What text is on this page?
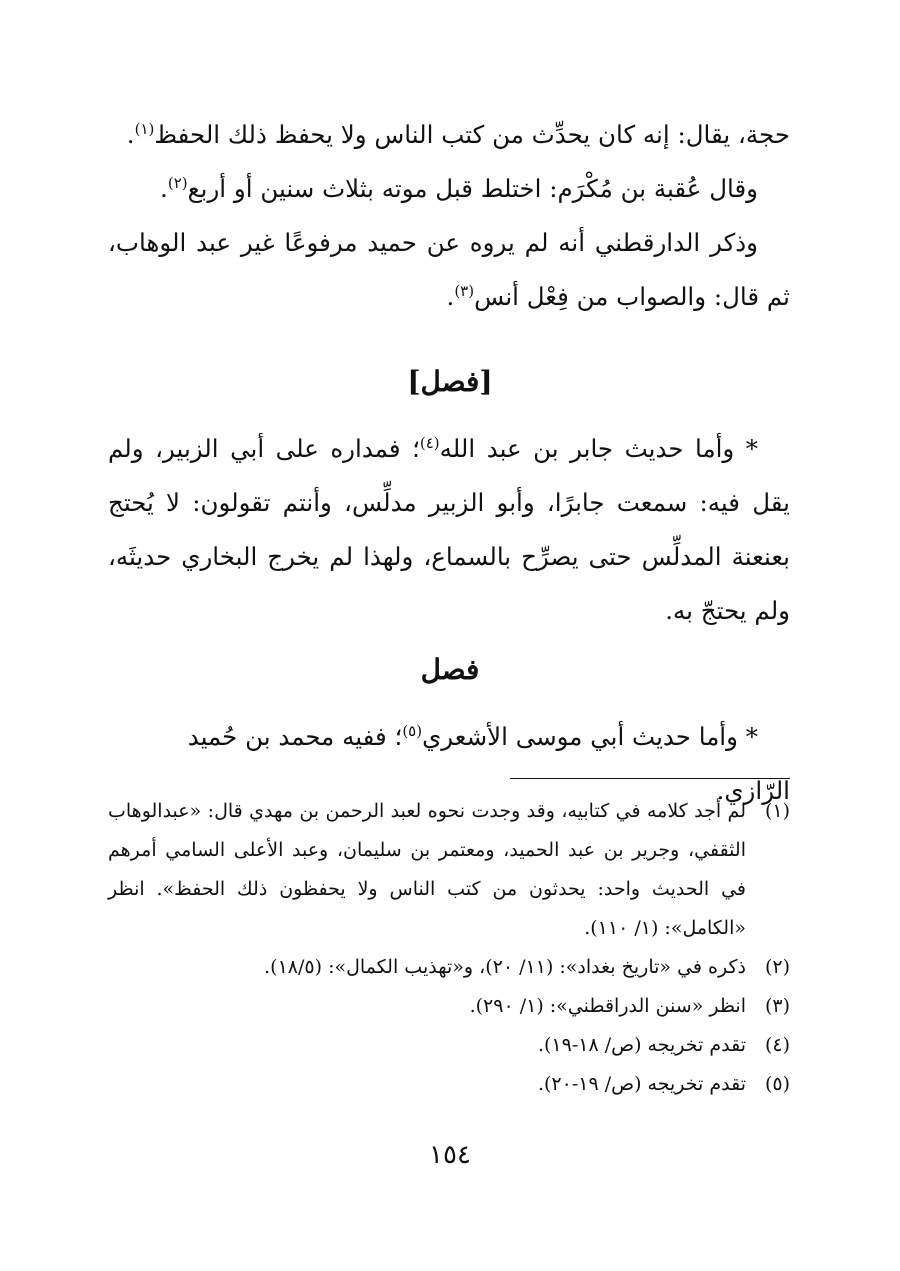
حجة، يقال: إنه كان يحدِّث من كتب الناس ولا يحفظ ذلك الحفظ$^{(١)}$.

وقال عُقبة بن مُكْرَم: اختلط قبل موته بثلاث سنين أو أربع$^{(٢)}$.

وذكر الدارقطني أنه لم يروه عن حميد مرفوعًا غير عبد الوهاب، ثم قال: والصواب من فِعْل أنس$^{(٣)}$.

[فصل]

* وأما حديث جابر بن عبد الله$^{(٤)}$؛ فمداره على أبي الزبير، ولم يقل فيه: سمعت جابرًا، وأبو الزبير مدلِّس، وأنتم تقولون: لا يُحتج بعنعنة المدلِّس حتى يصرِّح بالسماع، ولهذا لم يخرج البخاري حديثَه، ولم يحتجّ به.

فصل

* وأما حديث أبي موسى الأشعري$^{(٥)}$؛ ففيه محمد بن حُميد الرّازي.

(١)
لم أجد كلامه في كتابيه، وقد وجدت نحوه لعبد الرحمن بن مهدي قال: «عبدالوهاب الثقفي، وجرير بن عبد الحميد، ومعتمر بن سليمان، وعبد الأعلى السامي أمرهم في الحديث واحد: يحدثون من كتب الناس ولا يحفظون ذلك الحفظ». انظر «الكامل»: (١/ ١١٠).
(٢)
ذكره في «تاريخ بغداد»: (١١/ ٢٠)، و«تهذيب الكمال»: (١٨/٥).
(٣)
انظر «سنن الدراقطني»: (١/ ٢٩٠).
(٤)
تقدم تخريجه (ص/ ١٨-١٩).
(٥)
تقدم تخريجه (ص/ ١٩-٢٠).
١٥٤
